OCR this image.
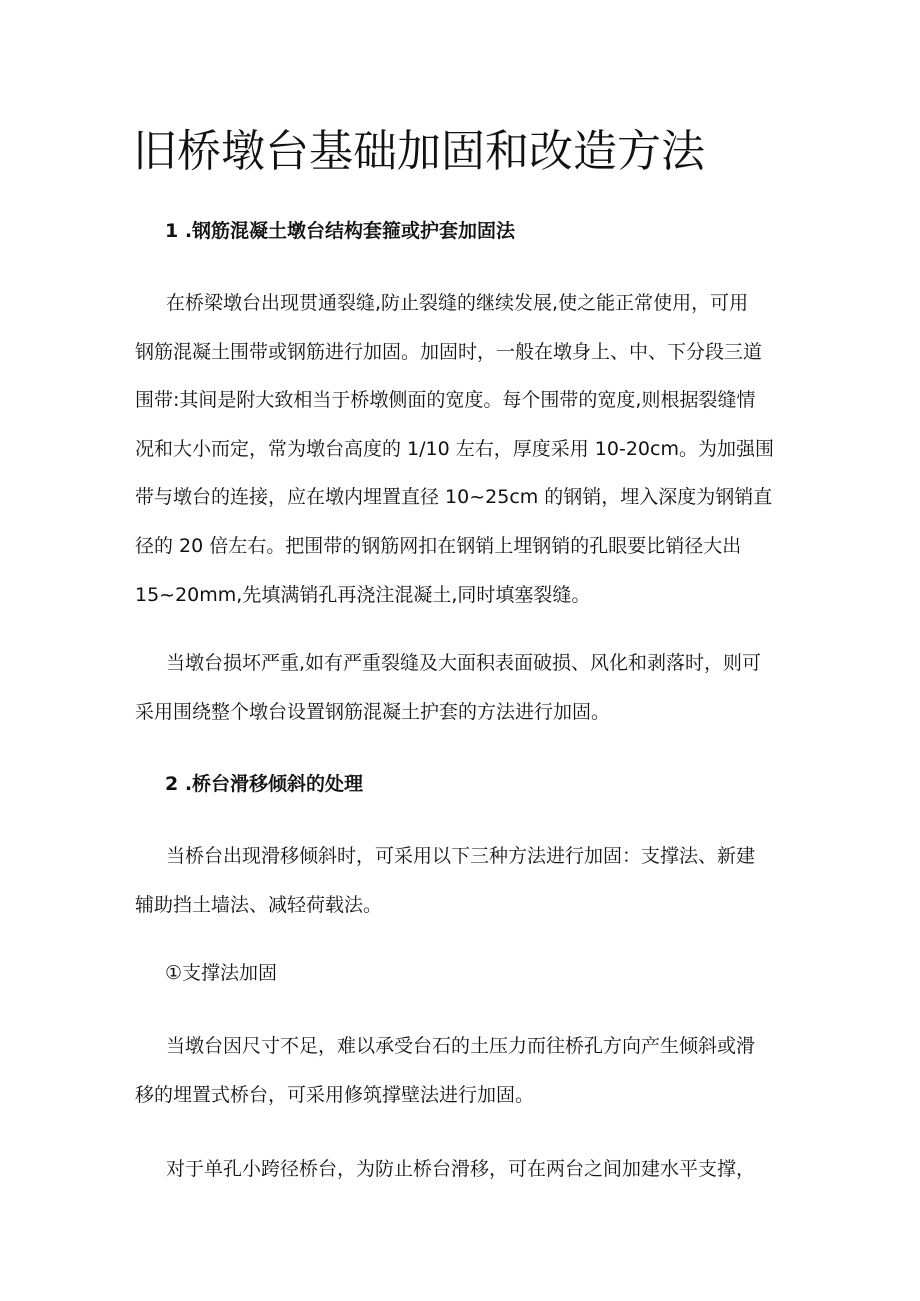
旧桥墩台基础加固和改造方法
1 .钢筋混凝土墩台结构套箍或护套加固法

在桥梁墩台出现贯通裂缝,防止裂缝的继续发展,使之能正常使用，可用
钢筋混凝土围带或钢筋进行加固。加固时，一般在墩身上、中、下分段三道
围带:其间是附大致相当于桥墩侧面的宽度。每个围带的宽度,则根据裂缝情
况和大小而定，常为墩台高度的 1/10 左右，厚度采用 10-20cm。为加强围
带与墩台的连接，应在墩内埋置直径 10~25cm 的钢销，埋入深度为钢销直
径的 20 倍左右。把围带的钢筋网扣在钢销上埋钢销的孔眼要比销径大出
15~20mm,先填满销孔再浇注混凝土,同时填塞裂缝。

当墩台损坏严重,如有严重裂缝及大面积表面破损、风化和剥落时，则可
采用围绕整个墩台设置钢筋混凝土护套的方法进行加固。

2 .桥台滑移倾斜的处理

当桥台出现滑移倾斜时，可采用以下三种方法进行加固：支撑法、新建
辅助挡土墙法、减轻荷载法。

①支撑法加固

当墩台因尺寸不足，难以承受台石的土压力而往桥孔方向产生倾斜或滑
移的埋置式桥台，可采用修筑撑壁法进行加固。

对于单孔小跨径桥台，为防止桥台滑移，可在两台之间加建水平支撑，
